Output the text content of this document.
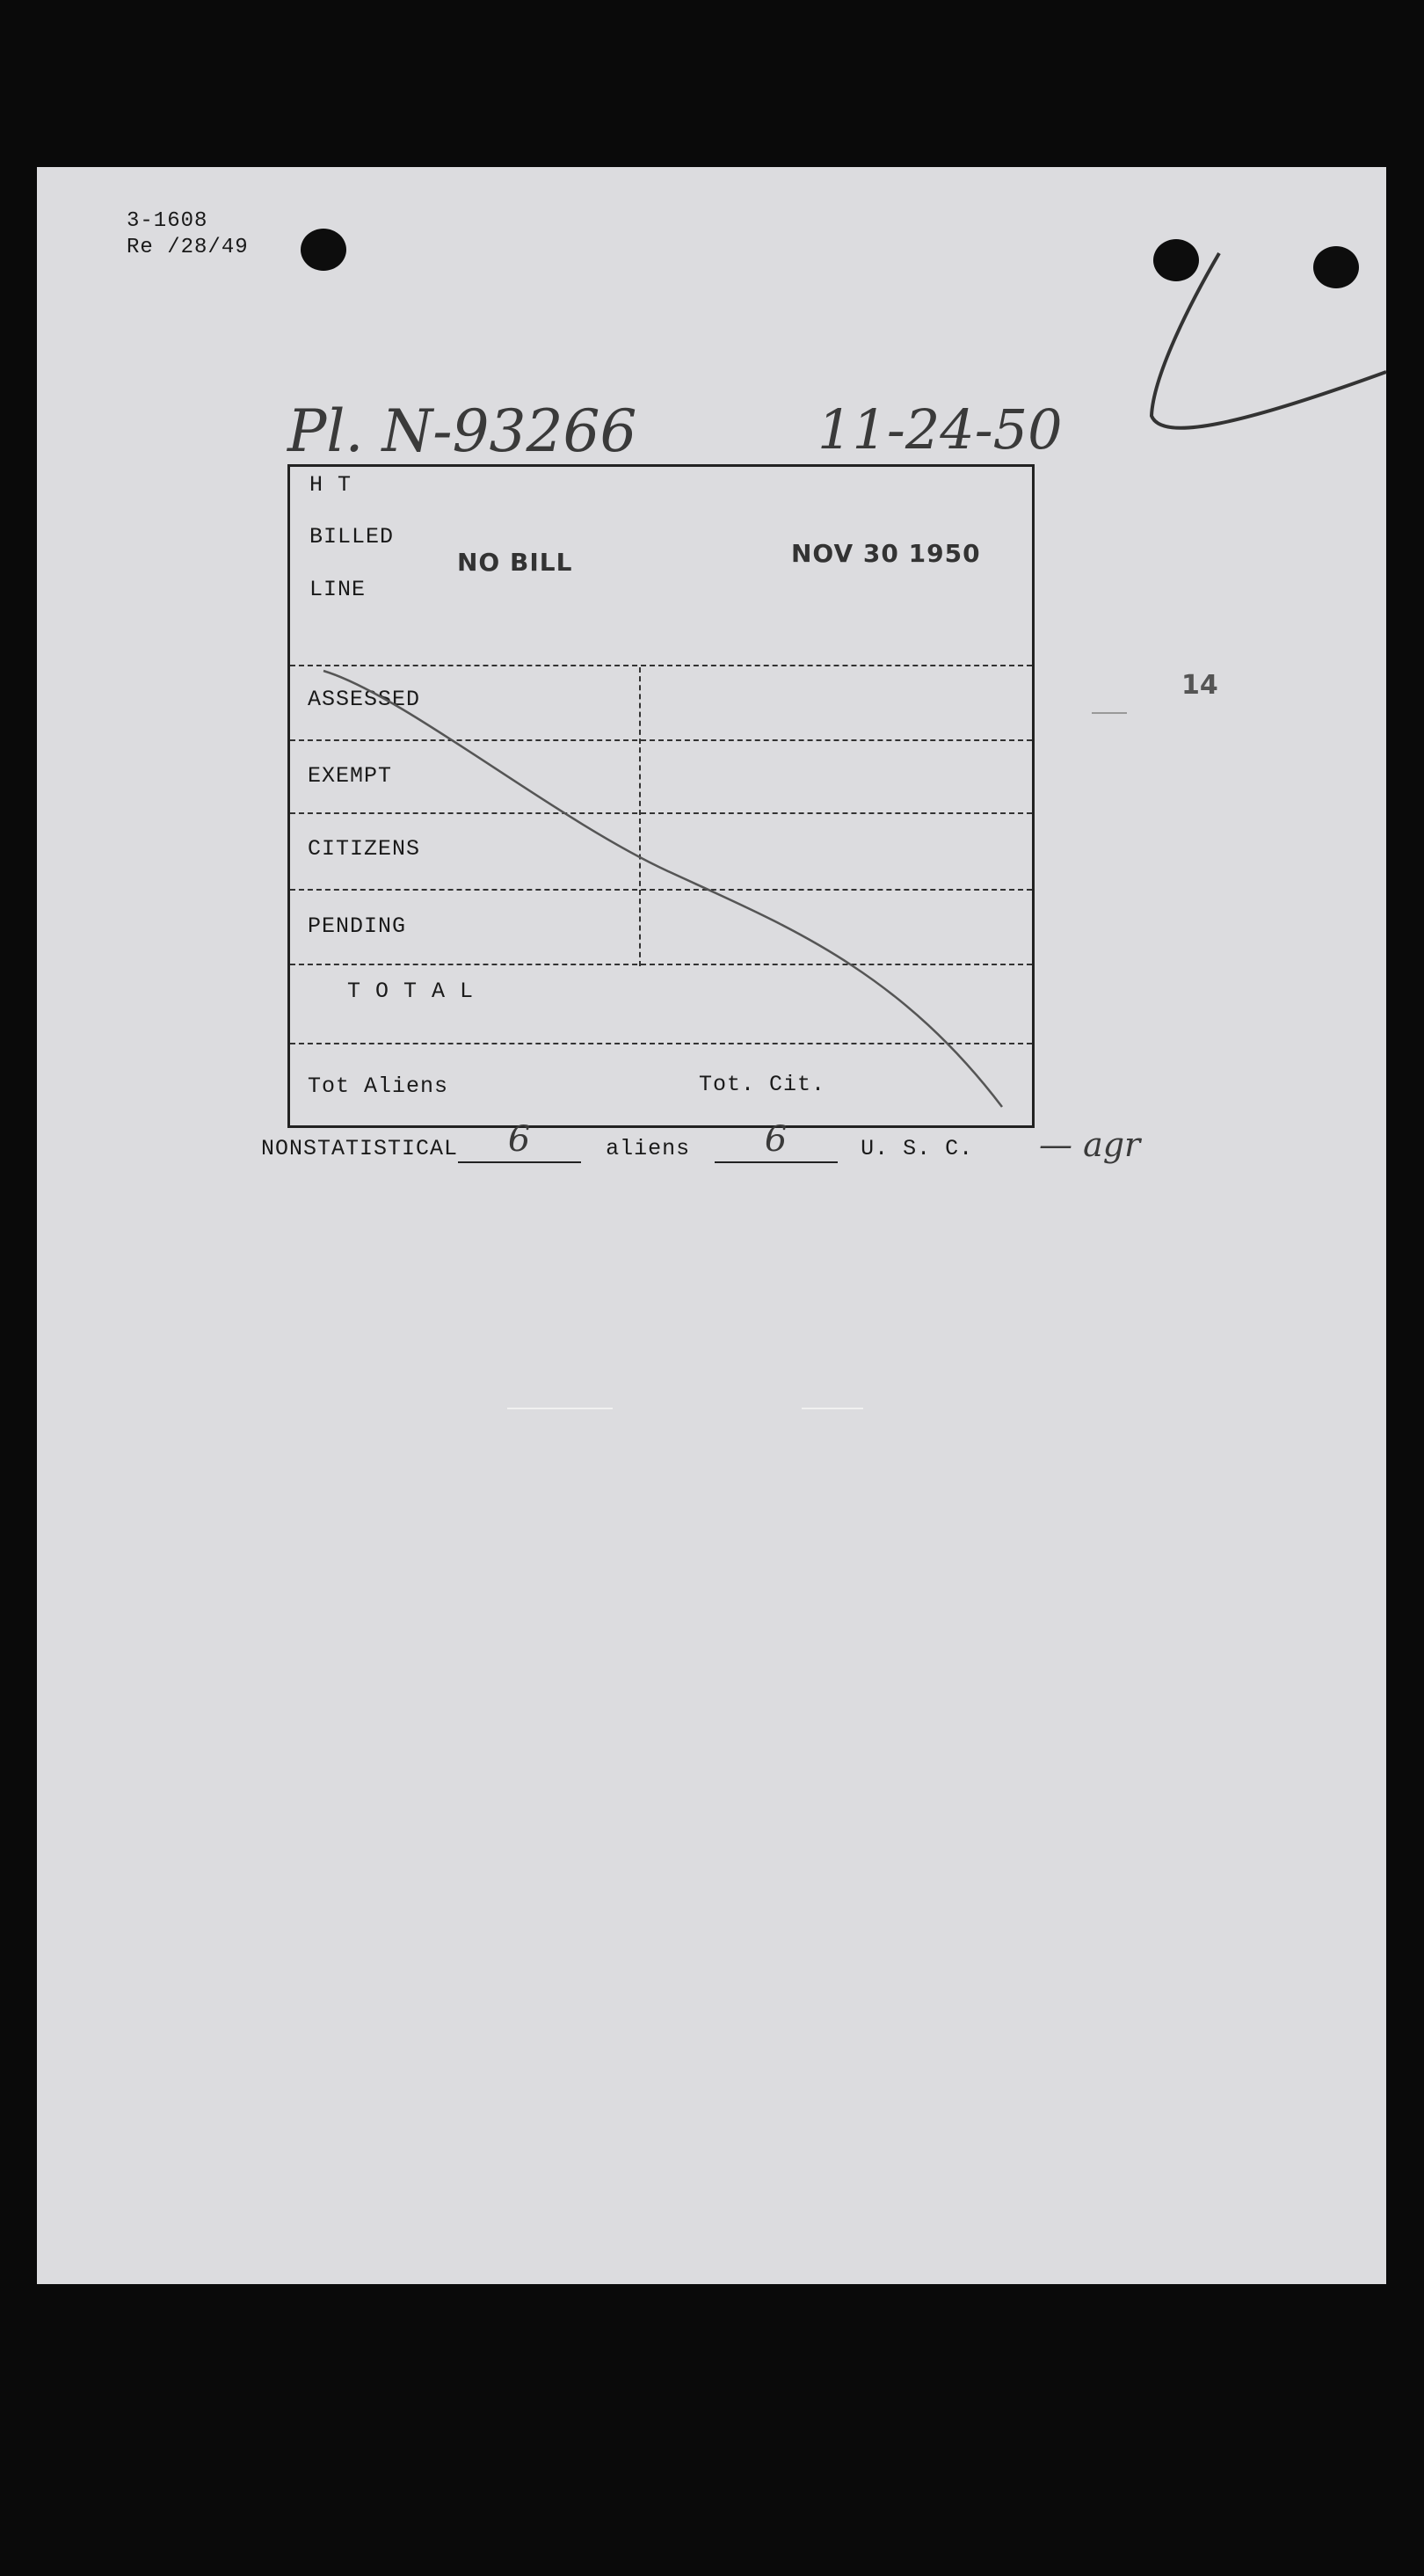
3-1608
Re /28/49
Pl. N-93266	11-24-50
14
H T
BILLED
LINE
NO BILL	NOV 30 1950
ASSESSED
EXEMPT
CITIZENS
PENDING
T O T A L
Tot Aliens	Tot. Cit.
NONSTATISTICAL	6	aliens	6	U. S. C. — agr
